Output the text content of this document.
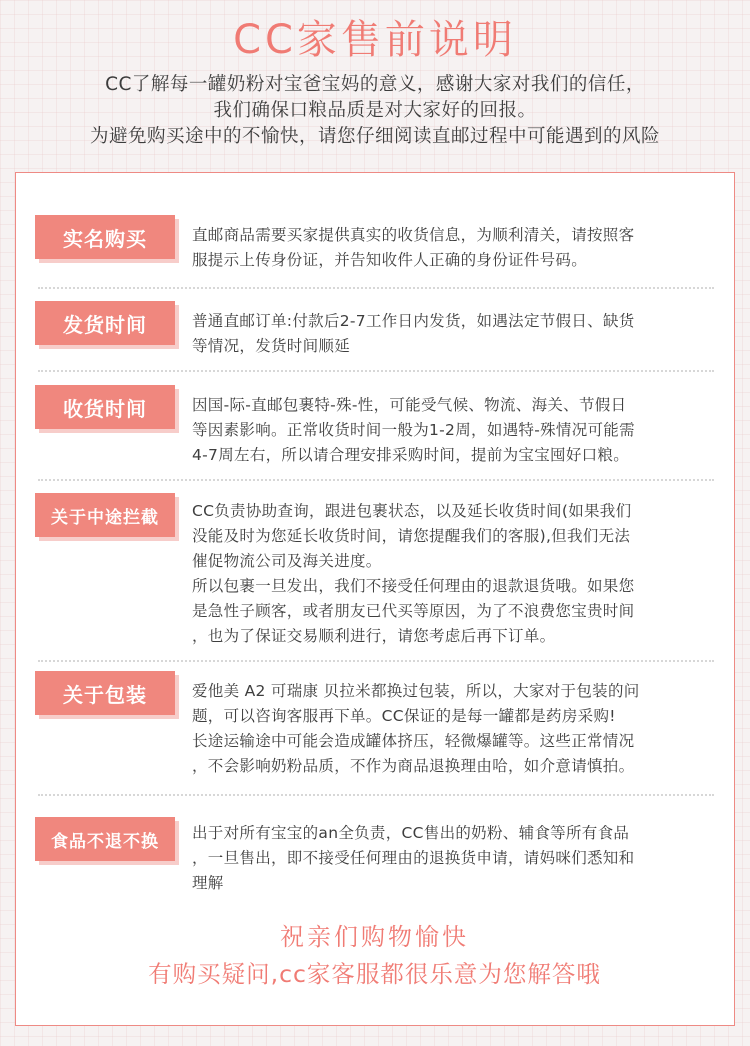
CC家售前说明
CC了解每一罐奶粉对宝爸宝妈的意义，感谢大家对我们的信任，
我们确保口粮品质是对大家好的回报。
为避免购买途中的不愉快，请您仔细阅读直邮过程中可能遇到的风险
实名购买	直邮商品需要买家提供真实的收货信息，为顺利清关，请按照客
服提示上传身份证，并告知收件人正确的身份证件号码。
发货时间	普通直邮订单:付款后2-7工作日内发货，如遇法定节假日、缺货
等情况，发货时间顺延
收货时间	因国-际-直邮包裹特-殊-性，可能受气候、物流、海关、节假日
等因素影响。正常收货时间一般为1-2周，如遇特-殊情况可能需
4-7周左右，所以请合理安排采购时间，提前为宝宝囤好口粮。
关于中途拦截	CC负责协助查询，跟进包裹状态，以及延长收货时间(如果我们
没能及时为您延长收货时间，请您提醒我们的客服),但我们无法
催促物流公司及海关进度。
所以包裹一旦发出，我们不接受任何理由的退款退货哦。如果您
是急性子顾客，或者朋友已代买等原因，为了不浪费您宝贵时间
，也为了保证交易顺利进行，请您考虑后再下订单。
关于包装	爱他美 A2 可瑞康 贝拉米都换过包装，所以，大家对于包装的问
题，可以咨询客服再下单。CC保证的是每一罐都是药房采购!
长途运输途中可能会造成罐体挤压，轻微爆罐等。这些正常情况
，不会影响奶粉品质，不作为商品退换理由哈，如介意请慎拍。
食品不退不换	出于对所有宝宝的an全负责，CC售出的奶粉、辅食等所有食品
，一旦售出，即不接受任何理由的退换货申请，请妈咪们悉知和
理解
祝亲们购物愉快
有购买疑问,cc家客服都很乐意为您解答哦
